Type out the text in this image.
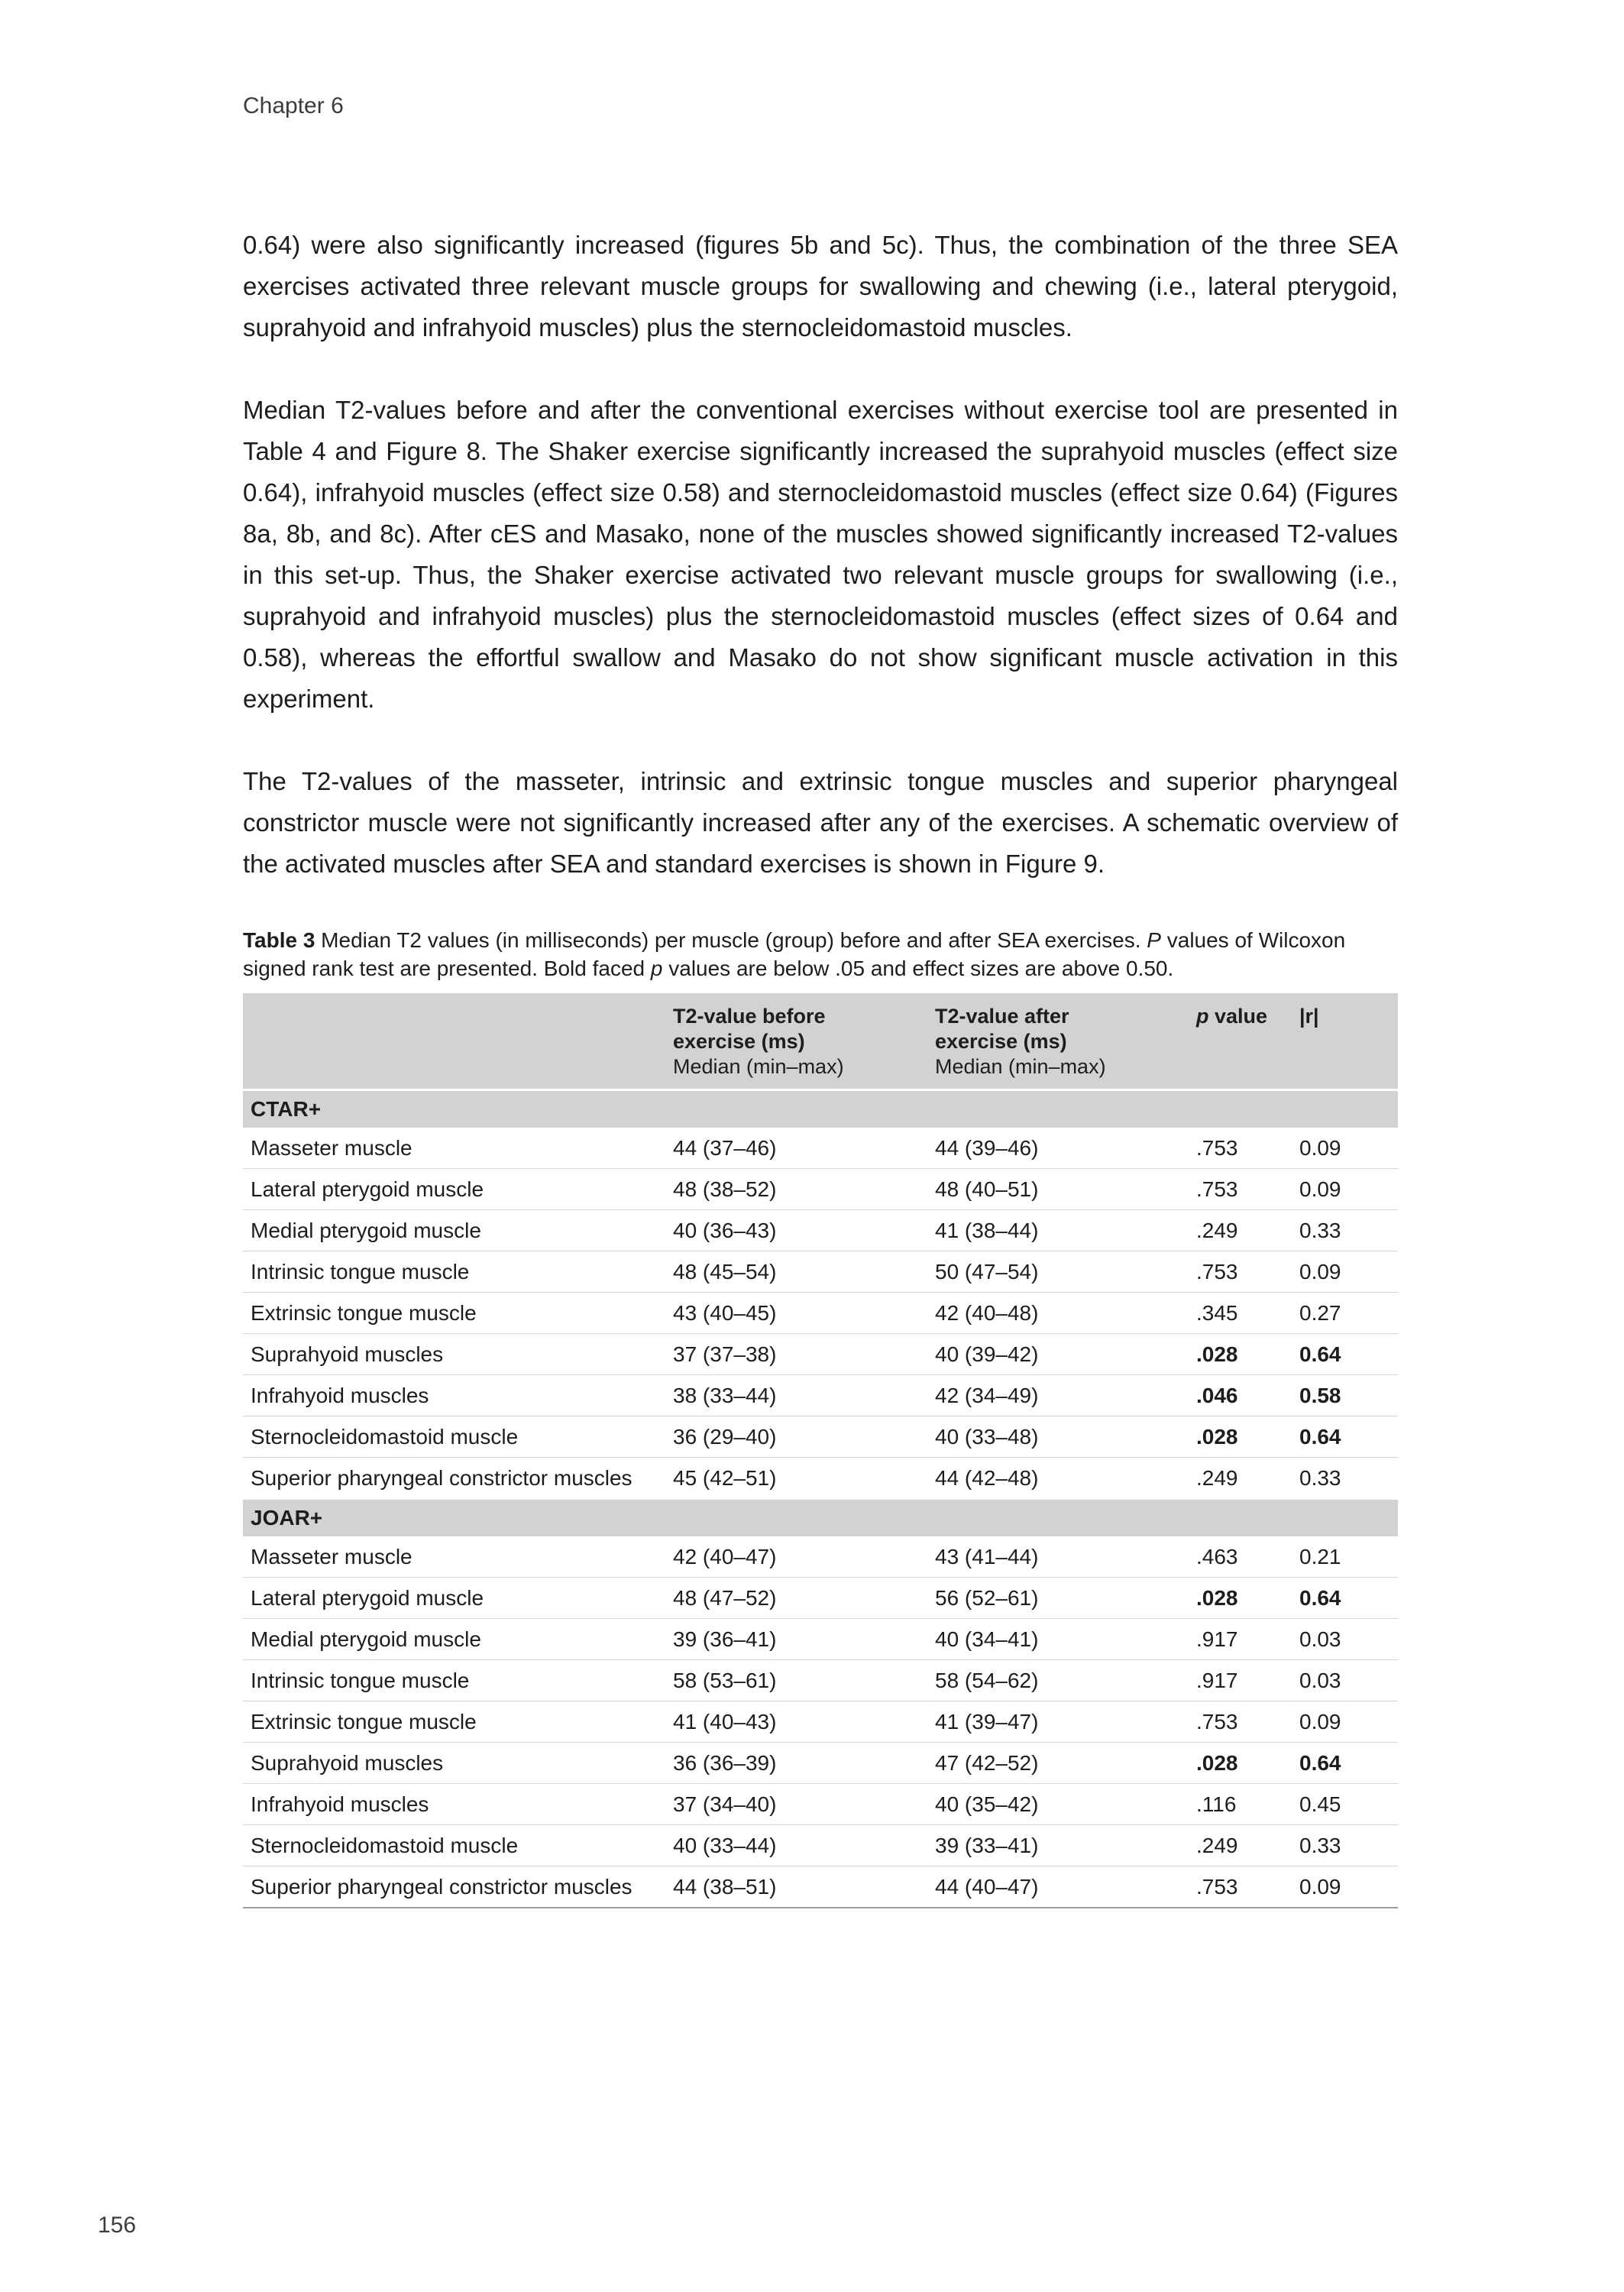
Chapter 6

0.64) were also significantly increased (figures 5b and 5c). Thus, the combination of the three SEA exercises activated three relevant muscle groups for swallowing and chewing (i.e., lateral pterygoid, suprahyoid and infrahyoid muscles) plus the sternocleidomastoid muscles.

Median T2-values before and after the conventional exercises without exercise tool are presented in Table 4 and Figure 8. The Shaker exercise significantly increased the suprahyoid muscles (effect size 0.64), infrahyoid muscles (effect size 0.58) and sternocleidomastoid muscles (effect size 0.64) (Figures 8a, 8b, and 8c). After cES and Masako, none of the muscles showed significantly increased T2-values in this set-up. Thus, the Shaker exercise activated two relevant muscle groups for swallowing (i.e., suprahyoid and infrahyoid muscles) plus the sternocleidomastoid muscles (effect sizes of 0.64 and 0.58), whereas the effortful swallow and Masako do not show significant muscle activation in this experiment.

The T2-values of the masseter, intrinsic and extrinsic tongue muscles and superior pharyngeal constrictor muscle were not significantly increased after any of the exercises. A schematic overview of the activated muscles after SEA and standard exercises is shown in Figure 9.

Table 3 Median T2 values (in milliseconds) per muscle (group) before and after SEA exercises. P values of Wilcoxon signed rank test are presented. Bold faced p values are below .05 and effect sizes are above 0.50.

T2-value before
exercise (ms)
Median (min–max)

T2-value after
exercise (ms)
Median (min–max)
	p value	|r|
CTAR+				
Masseter muscle	44 (37–46)	44 (39–46)	.753	0.09
Lateral pterygoid muscle	48 (38–52)	48 (40–51)	.753	0.09
Medial pterygoid muscle	40 (36–43)	41 (38–44)	.249	0.33
Intrinsic tongue muscle	48 (45–54)	50 (47–54)	.753	0.09
Extrinsic tongue muscle	43 (40–45)	42 (40–48)	.345	0.27
Suprahyoid muscles	37 (37–38)	40 (39–42)	.028	0.64
Infrahyoid muscles	38 (33–44)	42 (34–49)	.046	0.58
Sternocleidomastoid muscle	36 (29–40)	40 (33–48)	.028	0.64
Superior pharyngeal constrictor muscles	45 (42–51)	44 (42–48)	.249	0.33
JOAR+				
Masseter muscle	42 (40–47)	43 (41–44)	.463	0.21
Lateral pterygoid muscle	48 (47–52)	56 (52–61)	.028	0.64
Medial pterygoid muscle	39 (36–41)	40 (34–41)	.917	0.03
Intrinsic tongue muscle	58 (53–61)	58 (54–62)	.917	0.03
Extrinsic tongue muscle	41 (40–43)	41 (39–47)	.753	0.09
Suprahyoid muscles	36 (36–39)	47 (42–52)	.028	0.64
Infrahyoid muscles	37 (34–40)	40 (35–42)	.116	0.45
Sternocleidomastoid muscle	40 (33–44)	39 (33–41)	.249	0.33
Superior pharyngeal constrictor muscles	44 (38–51)	44 (40–47)	.753	0.09
156
